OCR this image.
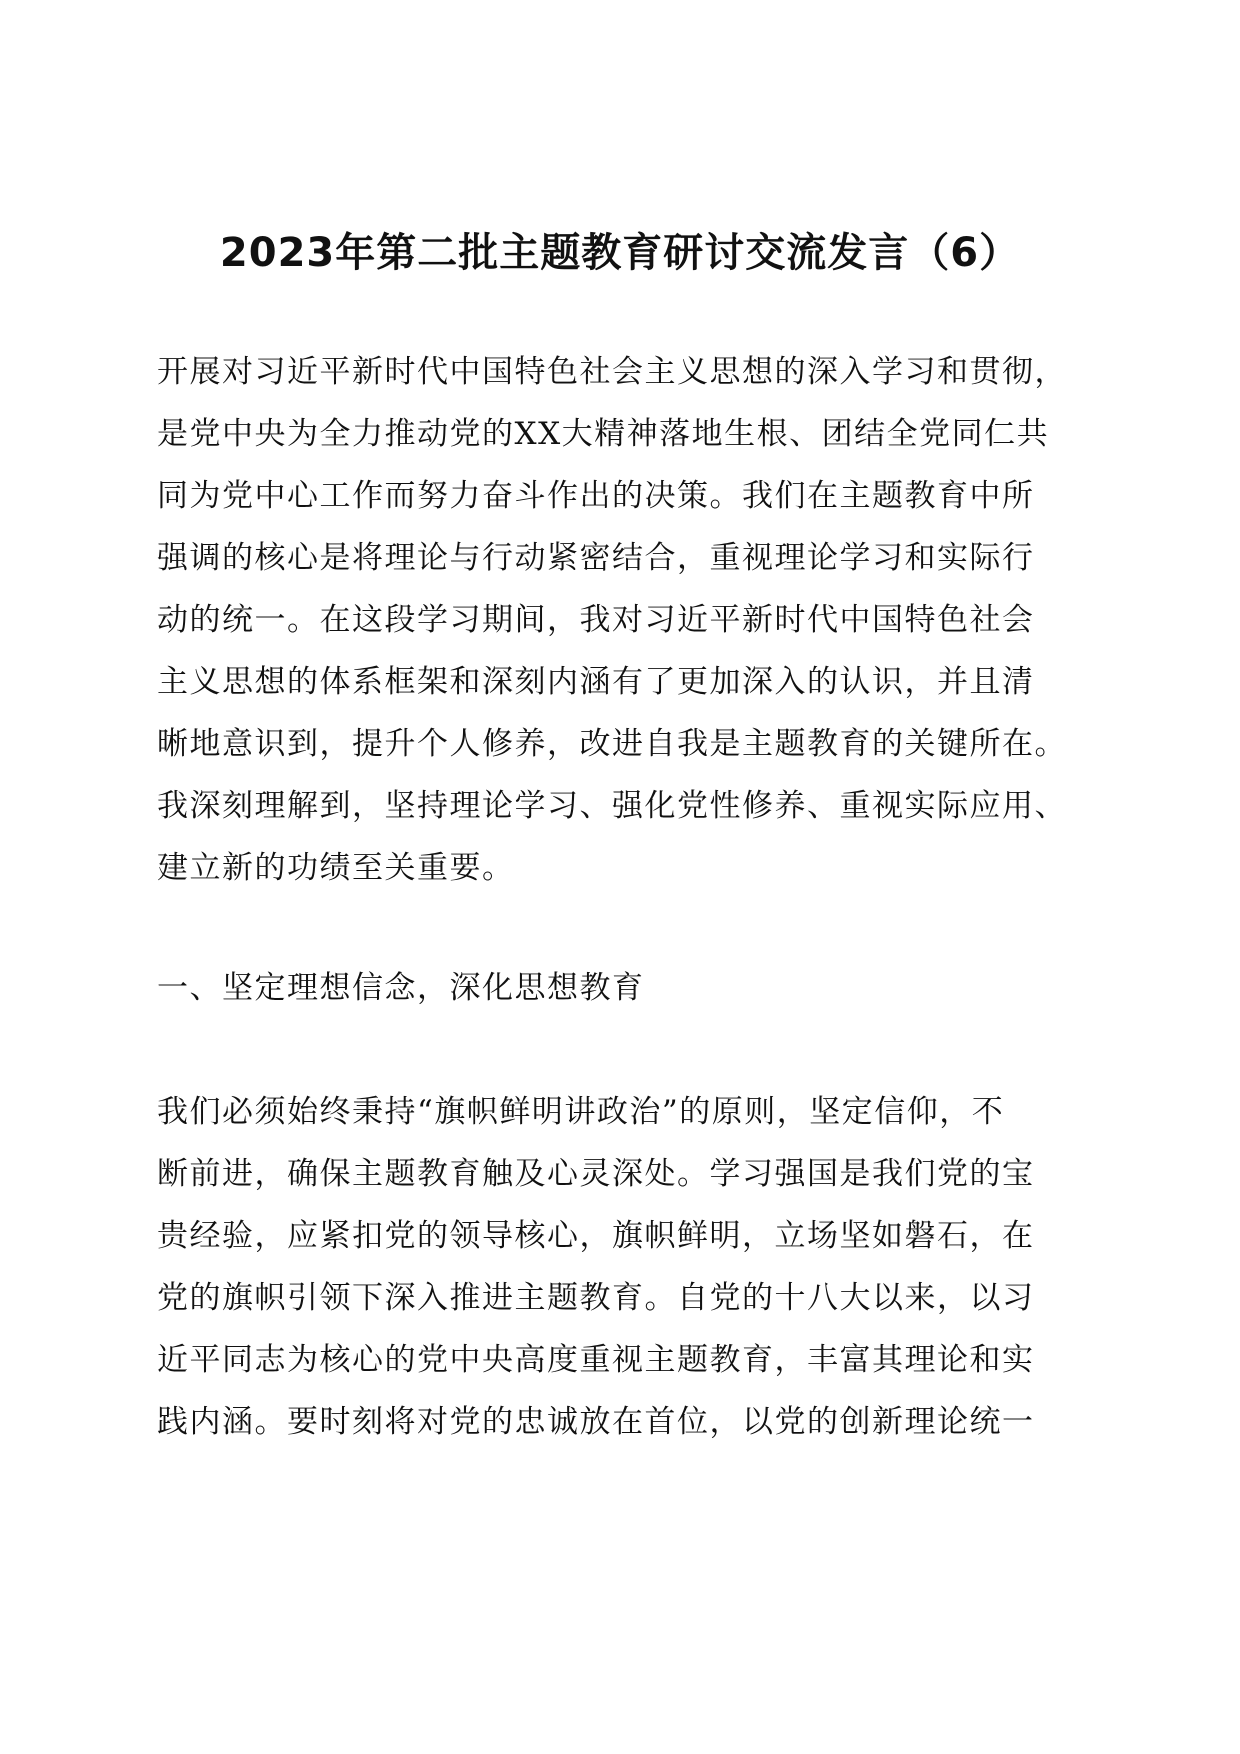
2023年第二批主题教育研讨交流发言（6）
开展对习近平新时代中国特色社会主义思想的深入学习和贯彻，
是党中央为全力推动党的XX大精神落地生根、团结全党同仁共
同为党中心工作而努力奋斗作出的决策。我们在主题教育中所
强调的核心是将理论与行动紧密结合，重视理论学习和实际行
动的统一。在这段学习期间，我对习近平新时代中国特色社会
主义思想的体系框架和深刻内涵有了更加深入的认识，并且清
晰地意识到，提升个人修养，改进自我是主题教育的关键所在。
我深刻理解到，坚持理论学习、强化党性修养、重视实际应用、
建立新的功绩至关重要。
一、坚定理想信念，深化思想教育
我们必须始终秉持“旗帜鲜明讲政治”的原则，坚定信仰，不
断前进，确保主题教育触及心灵深处。学习强国是我们党的宝
贵经验，应紧扣党的领导核心，旗帜鲜明，立场坚如磐石，在
党的旗帜引领下深入推进主题教育。自党的十八大以来，以习
近平同志为核心的党中央高度重视主题教育，丰富其理论和实
践内涵。要时刻将对党的忠诚放在首位，以党的创新理论统一
